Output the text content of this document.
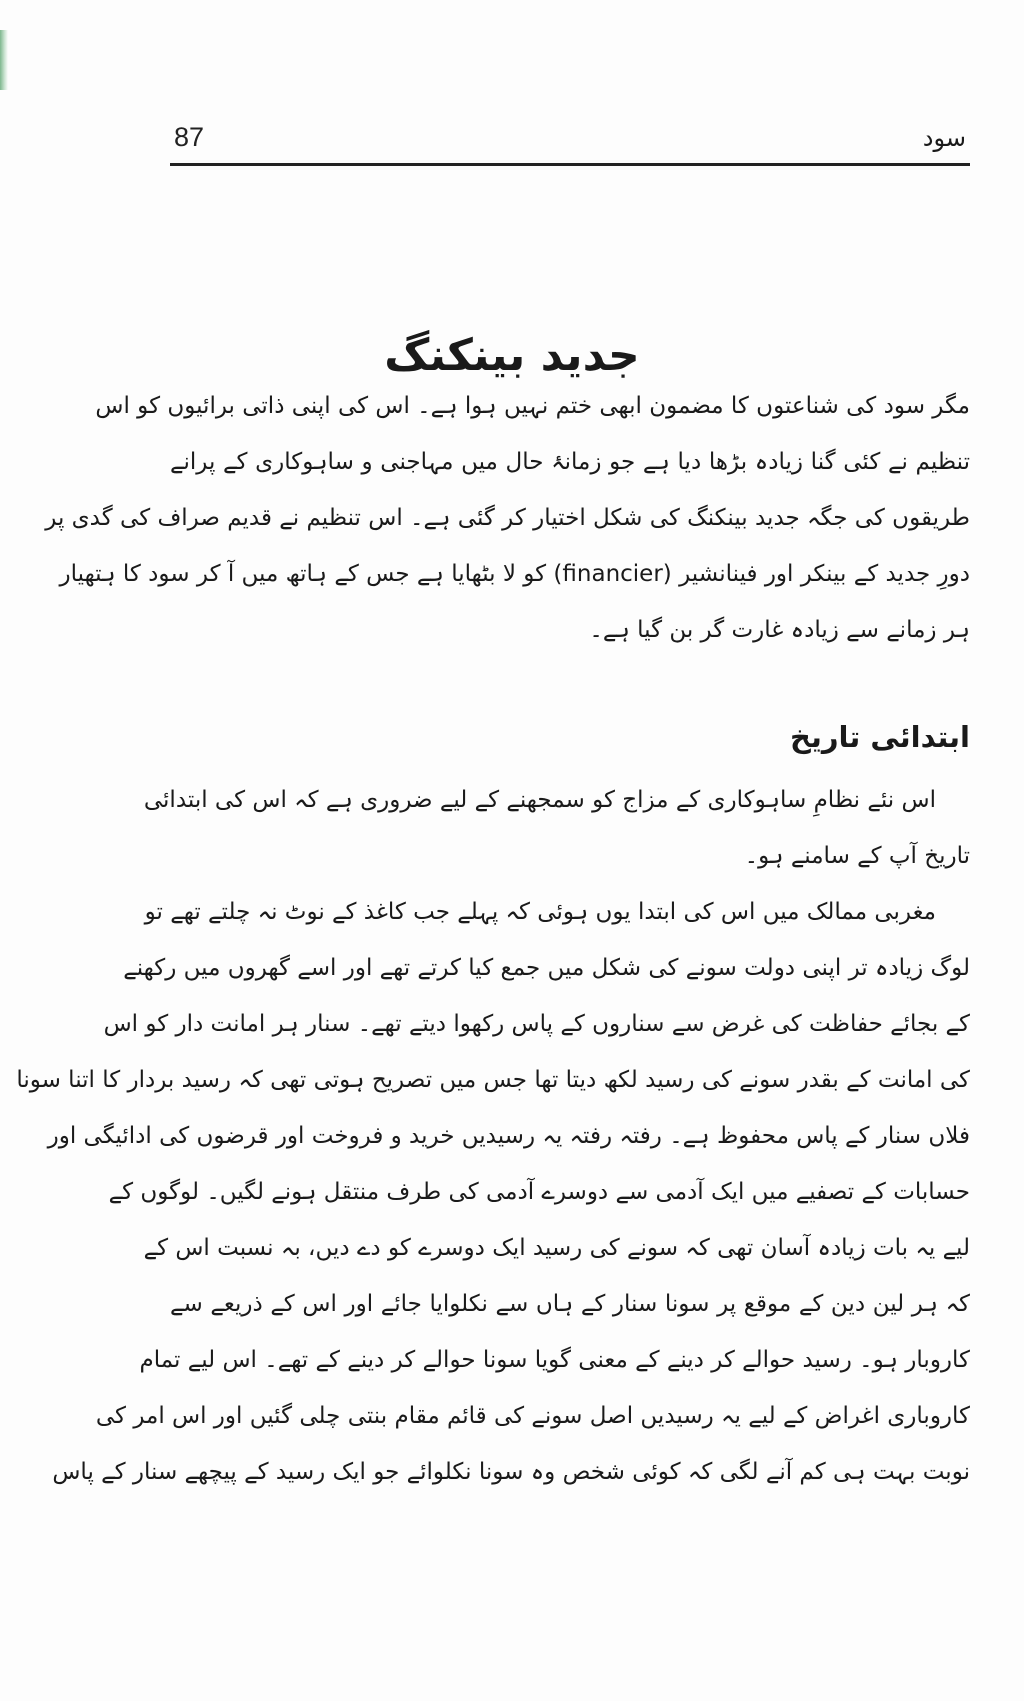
87	سود
جدید بینکنگ
مگر سود کی شناعتوں کا مضمون ابھی ختم نہیں ہوا ہے۔ اس کی اپنی ذاتی برائیوں کو اس
تنظیم نے کئی گنا زیادہ بڑھا دیا ہے جو زمانۂ حال میں مہاجنی و ساہوکاری کے پرانے
طریقوں کی جگہ جدید بینکنگ کی شکل اختیار کر گئی ہے۔ اس تنظیم نے قدیم صراف کی گدی پر
دورِ جدید کے بینکر اور فینانشیر (financier) کو لا بٹھایا ہے جس کے ہاتھ میں آ کر سود کا ہتھیار
ہر زمانے سے زیادہ غارت گر بن گیا ہے۔
ابتدائی تاریخ
اس نئے نظامِ ساہوکاری کے مزاج کو سمجھنے کے لیے ضروری ہے کہ اس کی ابتدائی
تاریخ آپ کے سامنے ہو۔
مغربی ممالک میں اس کی ابتدا یوں ہوئی کہ پہلے جب کاغذ کے نوٹ نہ چلتے تھے تو
لوگ زیادہ تر اپنی دولت سونے کی شکل میں جمع کیا کرتے تھے اور اسے گھروں میں رکھنے
کے بجائے حفاظت کی غرض سے سناروں کے پاس رکھوا دیتے تھے۔ سنار ہر امانت دار کو اس
کی امانت کے بقدر سونے کی رسید لکھ دیتا تھا جس میں تصریح ہوتی تھی کہ رسید بردار کا اتنا سونا
فلاں سنار کے پاس محفوظ ہے۔ رفتہ رفتہ یہ رسیدیں خرید و فروخت اور قرضوں کی ادائیگی اور
حسابات کے تصفیے میں ایک آدمی سے دوسرے آدمی کی طرف منتقل ہونے لگیں۔ لوگوں کے
لیے یہ بات زیادہ آسان تھی کہ سونے کی رسید ایک دوسرے کو دے دیں، بہ نسبت اس کے
کہ ہر لین دین کے موقع پر سونا سنار کے ہاں سے نکلوایا جائے اور اس کے ذریعے سے
کاروبار ہو۔ رسید حوالے کر دینے کے معنی گویا سونا حوالے کر دینے کے تھے۔ اس لیے تمام
کاروباری اغراض کے لیے یہ رسیدیں اصل سونے کی قائم مقام بنتی چلی گئیں اور اس امر کی
نوبت بہت ہی کم آنے لگی کہ کوئی شخص وہ سونا نکلوائے جو ایک رسید کے پیچھے سنار کے پاس
